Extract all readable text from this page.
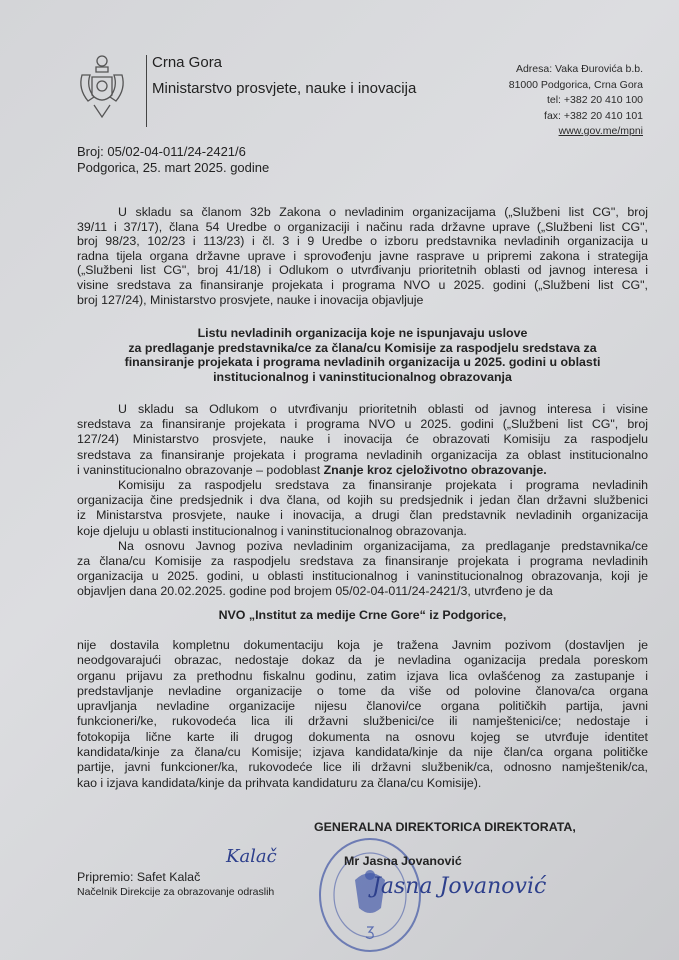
Crna Gora
Ministarstvo prosvjete, nauke i inovacija
Adresa: Vaka Đurovića b.b.
81000 Podgorica, Crna Gora
tel: +382 20 410 100
fax: +382 20 410 101
www.gov.me/mpni
Broj: 05/02-04-011/24-2421/6
Podgorica, 25. mart 2025. godine
U skladu sa članom 32b Zakona o nevladinim organizacijama („Službeni list CG", broj
39/11 i 37/17), člana 54 Uredbe o organizaciji i načinu rada državne uprave („Službeni list CG",
broj 98/23, 102/23 i 113/23) i čl. 3 i 9 Uredbe o izboru predstavnika nevladinih organizacija u
radna tijela organa državne uprave i sprovođenju javne rasprave u pripremi zakona i strategija
(„Službeni list CG", broj 41/18) i Odlukom o utvrđivanju prioritetnih oblasti od javnog interesa i
visine sredstava za finansiranje projekata i programa NVO u 2025. godini („Službeni list CG",
broj 127/24), Ministarstvo prosvjete, nauke i inovacija objavljuje
Listu nevladinih organizacija koje ne ispunjavaju uslove
za predlaganje predstavnika/ce za člana/cu Komisije za raspodjelu sredstava za
finansiranje projekata i programa nevladinih organizacija u 2025. godini u oblasti
institucionalnog i vaninstitucionalnog obrazovanja
U skladu sa Odlukom o utvrđivanju prioritetnih oblasti od javnog interesa i visine
sredstava za finansiranje projekata i programa NVO u 2025. godini („Službeni list CG", broj
127/24) Ministarstvo prosvjete, nauke i inovacija će obrazovati Komisiju za raspodjelu
sredstava za finansiranje projekata i programa nevladinih organizacija za oblast institucionalno
i vaninstitucionalno obrazovanje – podoblast Znanje kroz cjeloživotno obrazovanje.
Komisiju za raspodjelu sredstava za finansiranje projekata i programa nevladinih
organizacija čine predsjednik i dva člana, od kojih su predsjednik i jedan član državni službenici
iz Ministarstva prosvjete, nauke i inovacija, a drugi član predstavnik nevladinih organizacija
koje djeluju u oblasti institucionalnog i vaninstitucionalnog obrazovanja.
Na osnovu Javnog poziva nevladinim organizacijama, za predlaganje predstavnika/ce
za člana/cu Komisije za raspodjelu sredstava za finansiranje projekata i programa nevladinih
organizacija u 2025. godini, u oblasti institucionalnog i vaninstitucionalnog obrazovanja, koji je
objavljen dana 20.02.2025. godine pod brojem 05/02-04-011/24-2421/3, utvrđeno je da
NVO „Institut za medije Crne Gore“ iz Podgorice,
nije dostavila kompletnu dokumentaciju koja je tražena Javnim pozivom (dostavljen je
neodgovarajući obrazac, nedostaje dokaz da je nevladina oganizacija predala poreskom
organu prijavu za prethodnu fiskalnu godinu, zatim izjava lica ovlašćenog za zastupanje i
predstavljanje nevladine organizacije o tome da više od polovine članova/ca organa
upravljanja nevladine organizacije nijesu članovi/ce organa političkih partija, javni
funkcioneri/ke, rukovodeća lica ili državni službenici/ce ili namještenici/ce; nedostaje i
fotokopija lične karte ili drugog dokumenta na osnovu kojeg se utvrđuje identitet
kandidata/kinje za člana/cu Komisije; izjava kandidata/kinje da nije član/ca organa političke
partije, javni funkcioner/ka, rukovodeće lice ili državni službenik/ca, odnosno namještenik/ca,
kao i izjava kandidata/kinje da prihvata kandidaturu za člana/cu Komisije).
GENERALNA DIREKTORICA DIREKTORATA,
Mr Jasna Jovanović
Jasna Jovanović
Kalač
Pripremio: Safet Kalač
Načelnik Direkcije za obrazovanje odraslih
